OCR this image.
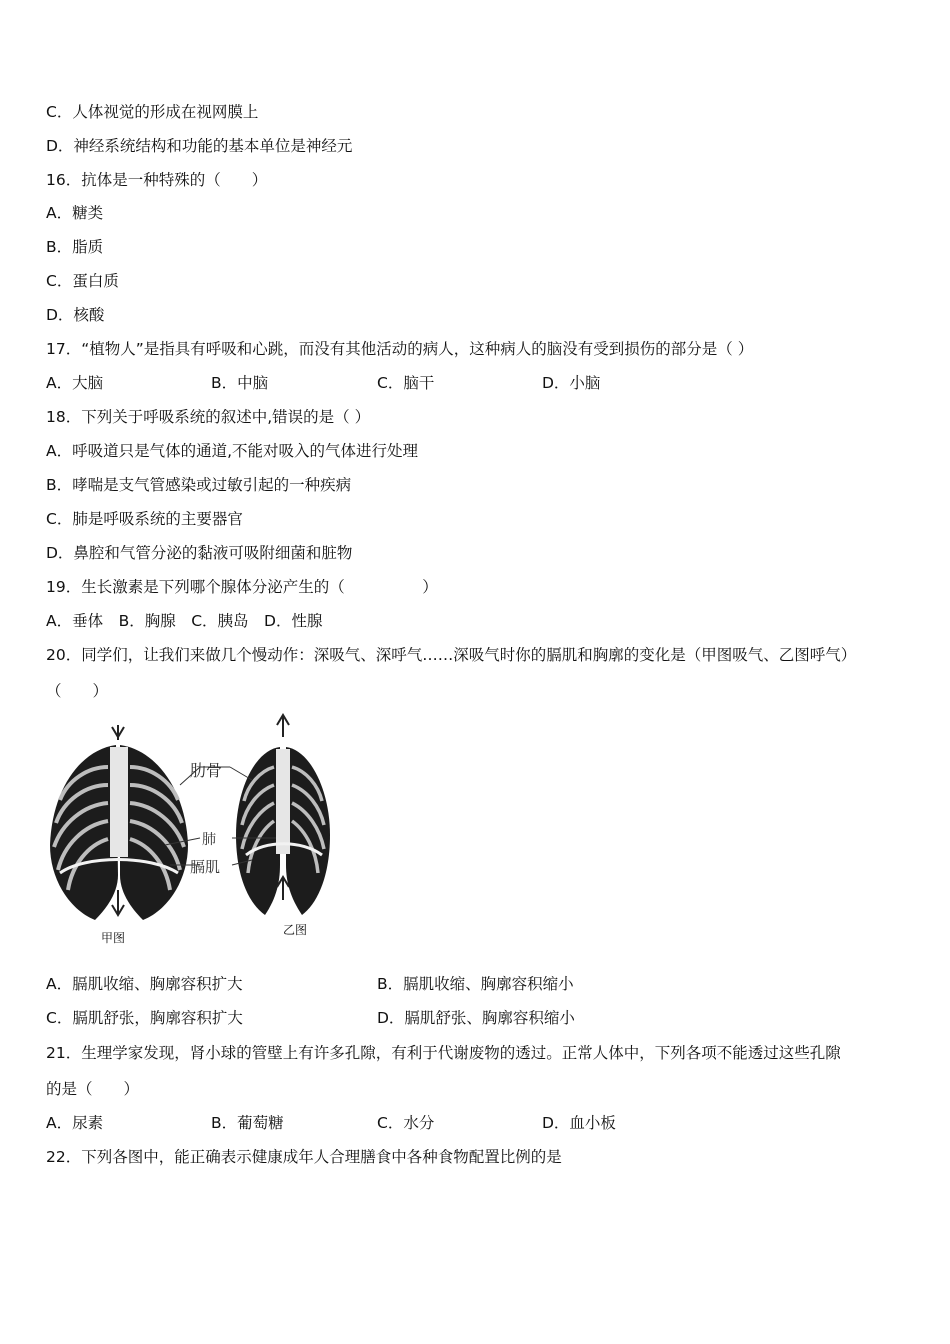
C．人体视觉的形成在视网膜上
D．神经系统结构和功能的基本单位是神经元
16．抗体是一种特殊的（　　）
A．糖类
B．脂质
C．蛋白质
D．核酸
17．“植物人”是指具有呼吸和心跳，而没有其他活动的病人，这种病人的脑没有受到损伤的部分是（ ）
A．大脑	B．中脑	C．脑干	D．小脑
18．下列关于呼吸系统的叙述中,错误的是（ ）
A．呼吸道只是气体的通道,不能对吸入的气体进行处理
B．哮喘是支气管感染或过敏引起的一种疾病
C．肺是呼吸系统的主要器官
D．鼻腔和气管分泌的黏液可吸附细菌和脏物
19．生长激素是下列哪个腺体分泌产生的（　　　　　）
A．垂体　B．胸腺　C．胰岛　D．性腺
20．同学们，让我们来做几个慢动作：深吸气、深呼气……深吸气时你的膈肌和胸廓的变化是（甲图吸气、乙图呼气）
（　　）
肋骨
肺
膈肌
甲图
乙图
A．膈肌收缩、胸廓容积扩大	B．膈肌收缩、胸廓容积缩小
C．膈肌舒张，胸廓容积扩大	D．膈肌舒张、胸廓容积缩小
21．生理学家发现，肾小球的管壁上有许多孔隙，有利于代谢废物的透过。正常人体中，下列各项不能透过这些孔隙
的是（　　）
A．尿素	B．葡萄糖	C．水分	D．血小板
22．下列各图中，能正确表示健康成年人合理膳食中各种食物配置比例的是
